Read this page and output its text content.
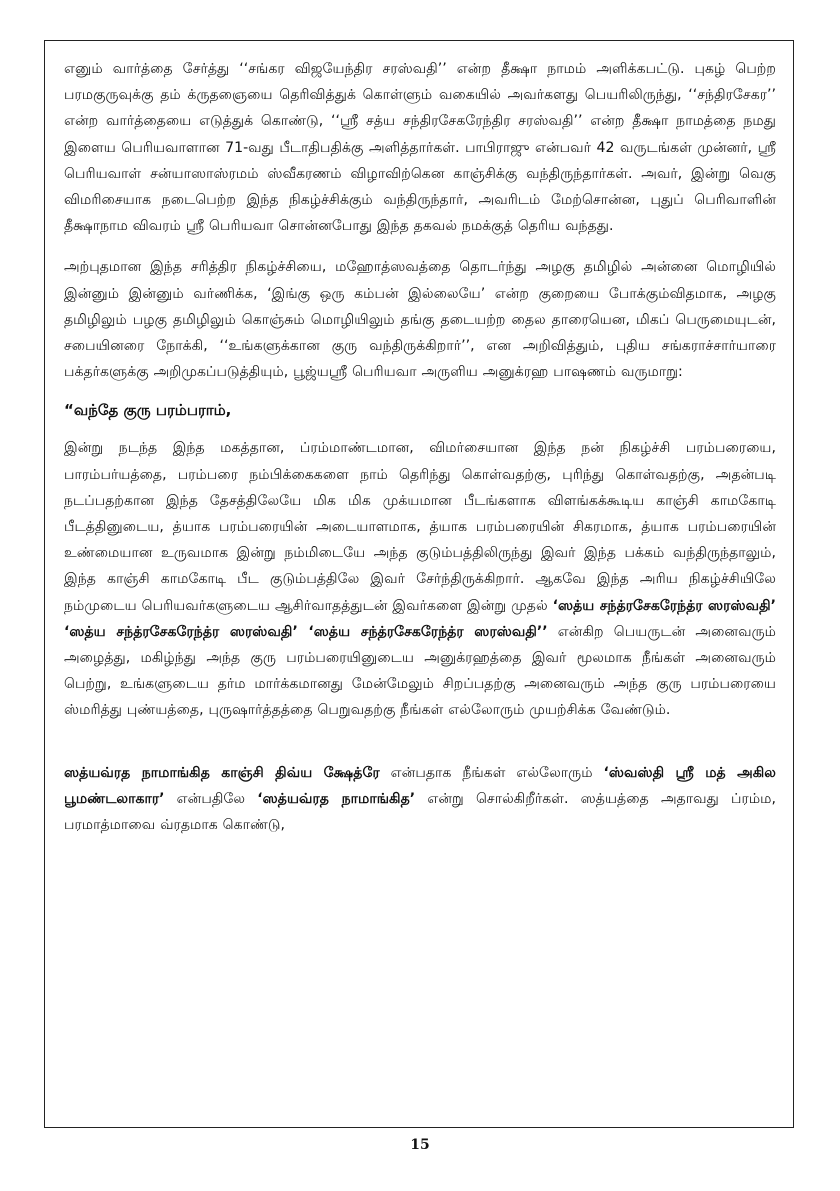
எனும் வார்த்தை சேர்த்து ‘‘சங்கர விஜயேந்திர சரஸ்வதி’’ என்ற தீக்ஷா நாமம் அளிக்கபட்டு. புகழ் பெற்ற பரமகுருவுக்கு தம் க்ருதஞையை தெரிவித்துக் கொள்ளும் வகையில் அவர்களது பெயரிலிருந்து, ‘‘சந்திரசேகர’’ என்ற வார்த்தையை எடுத்துக் கொண்டு, ‘‘ஸ்ரீ சத்ய சந்திரசேகரேந்திர சரஸ்வதி’’ என்ற தீக்ஷா நாமத்தை நமது இளைய பெரியவாளான 71-வது பீடாதிபதிக்கு அளித்தார்கள். பாபிராஜு என்பவர் 42 வருடங்கள் முன்னர், ஸ்ரீ பெரியவாள் சன்யாஸாஸ்ரமம் ஸ்வீகரணம் விழாவிற்கென காஞ்சிக்கு வந்திருந்தார்கள். அவர், இன்று வெகு விமரிசையாக நடைபெற்ற இந்த நிகழ்ச்சிக்கும் வந்திருந்தார், அவரிடம் மேற்சொன்ன, புதுப் பெரிவாளின் தீக்ஷாநாம விவரம் ஸ்ரீ பெரியவா சொன்னபோது இந்த தகவல் நமக்குத் தெரிய வந்தது.

அற்புதமான இந்த சரித்திர நிகழ்ச்சியை, மஹோத்ஸவத்தை தொடர்ந்து அழகு தமிழில் அன்னை மொழியில் இன்னும் இன்னும் வர்ணிக்க, ‘இங்கு ஒரு கம்பன் இல்லையே’ என்ற குறையை போக்கும்விதமாக, அழகு தமிழிலும் பழகு தமிழிலும் கொஞ்சும் மொழியிலும் தங்கு தடையற்ற தைல தாரையென, மிகப் பெருமையுடன், சபையினரை நோக்கி, ‘‘உங்களுக்கான குரு வந்திருக்கிறார்’’, என அறிவித்தும், புதிய சங்கராச்சார்யாரை பக்தர்களுக்கு அறிமுகப்படுத்தியும், பூஜ்யஸ்ரீ பெரியவா அருளிய அனுக்ரஹ பாஷணம் வருமாறு:

“வந்தே குரு பரம்பராம்,

இன்று நடந்த இந்த மகத்தான, ப்ரம்மாண்டமான, விமர்சையான இந்த நன் நிகழ்ச்சி பரம்பரையை, பாரம்பர்யத்தை, பரம்பரை நம்பிக்கைகளை நாம் தெரிந்து கொள்வதற்கு, புரிந்து கொள்வதற்கு, அதன்படி நடப்பதற்கான இந்த தேசத்திலேயே மிக மிக முக்யமான பீடங்களாக விளங்கக்கூடிய காஞ்சி காமகோடி பீடத்தினுடைய, த்யாக பரம்பரையின் அடையாளமாக, த்யாக பரம்பரையின் சிகரமாக, த்யாக பரம்பரையின் உண்மையான உருவமாக இன்று நம்மிடையே அந்த குடும்பத்திலிருந்து இவர் இந்த பக்கம் வந்திருந்தாலும், இந்த காஞ்சி காமகோடி பீட குடும்பத்திலே இவர் சேர்ந்திருக்கிறார். ஆகவே இந்த அரிய நிகழ்ச்சியிலே நம்முடைய பெரியவர்களுடைய ஆசிர்வாதத்துடன் இவர்களை இன்று முதல் ‘ஸத்ய சந்த்ரசேகரேந்த்ர ஸரஸ்வதி’ ‘ஸத்ய சந்த்ரசேகரேந்த்ர ஸரஸ்வதி’ ‘ஸத்ய சந்த்ரசேகரேந்த்ர ஸரஸ்வதி’’ என்கிற பெயருடன் அனைவரும் அழைத்து, மகிழ்ந்து அந்த குரு பரம்பரையினுடைய அனுக்ரஹத்தை இவர் மூலமாக நீங்கள் அனைவரும் பெற்று, உங்களுடைய தர்ம மார்க்கமானது மேன்மேலும் சிறப்பதற்கு அனைவரும் அந்த குரு பரம்பரையை ஸ்மரித்து புண்யத்தை, புருஷார்த்தத்தை பெறுவதற்கு நீங்கள் எல்லோரும் முயற்சிக்க வேண்டும்.

ஸத்யவ்ரத நாமாங்கித காஞ்சி திவ்ய க்ஷேத்ரே என்பதாக நீங்கள் எல்லோரும் ‘ஸ்வஸ்தி ஸ்ரீ மத் அகில பூமண்டலாகார’ என்பதிலே ‘ஸத்யவ்ரத நாமாங்கித’ என்று சொல்கிறீர்கள். ஸத்யத்தை அதாவது ப்ரம்ம, பரமாத்மாவை வ்ரதமாக கொண்டு,

15
